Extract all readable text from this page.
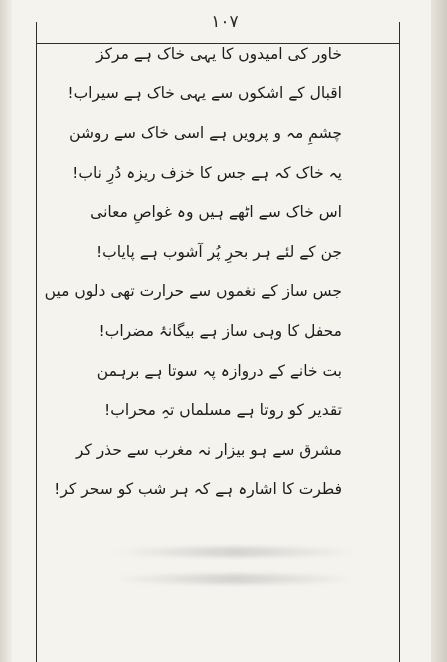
۱۰۷
خاور کی امیدوں کا یہی خاک ہے مرکز
اقبال کے اشکوں سے یہی خاک ہے سیراب!
چشمِ مہ و پرویں ہے اسی خاک سے روشن
یہ خاک کہ ہے جس کا خزف ریزہ دُرِ ناب!
اس خاک سے اٹھے ہیں وہ غواصِ معانی
جن کے لئے ہر بحرِ پُر آشوب ہے پایاب!
جس ساز کے نغموں سے حرارت تھی دلوں میں
محفل کا وہی ساز ہے بیگانۂ مضراب!
بت خانے کے دروازہ پہ سوتا ہے برہمن
تقدیر کو روتا ہے مسلماں تہِ محراب!
مشرق سے ہو بیزار نہ مغرب سے حذر کر
فطرت کا اشارہ ہے کہ ہر شب کو سحر کر!
